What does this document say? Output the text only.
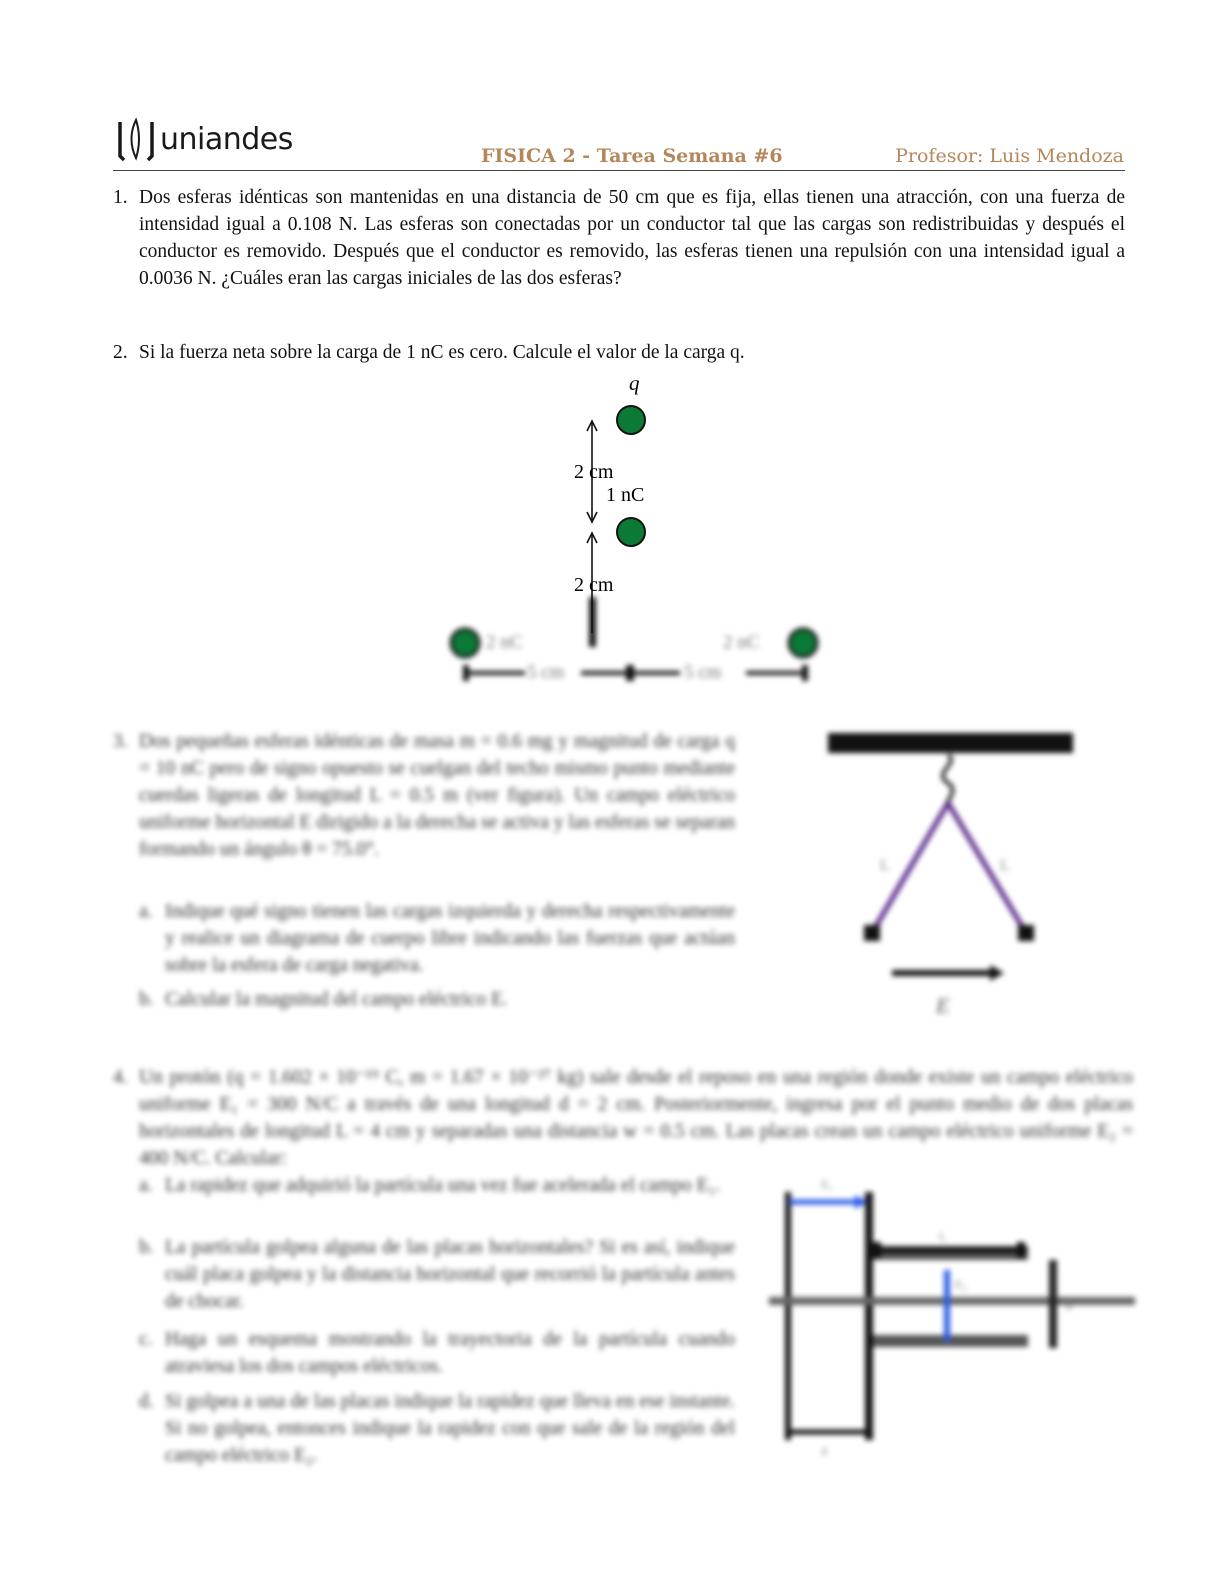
uniandes	FISICA 2 - Tarea Semana #6	Profesor: Luis Mendoza
1. Dos esferas idénticas son mantenidas en una distancia de 50 cm que es fija, ellas tienen una atracción, con una fuerza de intensidad igual a 0.108 N. Las esferas son conectadas por un conductor tal que las cargas son redistribuidas y después el conductor es removido. Después que el conductor es removido, las esferas tienen una repulsión con una intensidad igual a 0.0036 N. ¿Cuáles eran las cargas iniciales de las dos esferas?
2. Si la fuerza neta sobre la carga de 1 nC es cero. Calcule el valor de la carga q.
q
2 cm
1 nC
2 cm
2 nC	2 nC
5 cm	5 cm
3. Dos pequeñas esferas idénticas de masa m = 0.6 mg y magnitud de carga q = 10 nC pero de signo opuesto se cuelgan del techo mismo punto mediante cuerdas ligeras de longitud L = 0.5 m (ver figura). Un campo eléctrico uniforme horizontal E dirigido a la derecha se activa y las esferas se separan formando un ángulo θ = 75.0°.
a. Indique qué signo tienen las cargas izquierda y derecha respectivamente y realice un diagrama de cuerpo libre indicando las fuerzas que actúan sobre la esfera de carga negativa.
b. Calcular la magnitud del campo eléctrico E.
L	L
E
4. Un protón (q = 1.602 × 10⁻¹⁹ C, m = 1.67 × 10⁻²⁷ kg) sale desde el reposo en una región donde existe un campo eléctrico uniforme E₁ = 300 N/C a través de una longitud d = 2 cm. Posteriormente, ingresa por el punto medio de dos placas horizontales de longitud L = 4 cm y separadas una distancia w = 0.5 cm. Las placas crean un campo eléctrico uniforme E₂ = 400 N/C. Calcular:
a. La rapidez que adquirió la partícula una vez fue acelerada el campo E₁.
b. La partícula golpea alguna de las placas horizontales? Si es así, indique cuál placa golpea y la distancia horizontal que recorrió la partícula antes de chocar.
c. Haga un esquema mostrando la trayectoria de la partícula cuando atraviesa los dos campos eléctricos.
d. Si golpea a una de las placas indique la rapidez que lleva en ese instante. Si no golpea, entonces indique la rapidez con que sale de la región del campo eléctrico E₂.
E₁
L
E₂
w
d
